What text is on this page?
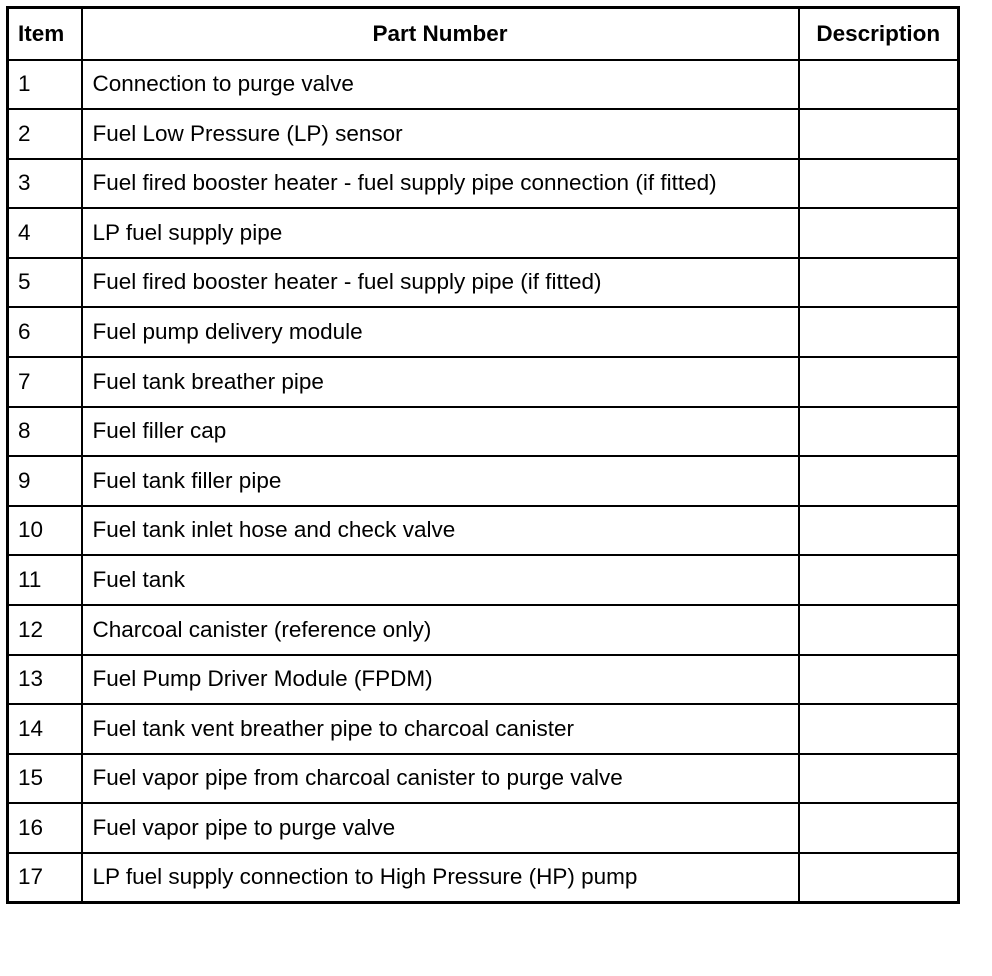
Item	Part Number	Description
1	Connection to purge valve	
2	Fuel Low Pressure (LP) sensor	
3	Fuel fired booster heater - fuel supply pipe connection (if fitted)	
4	LP fuel supply pipe	
5	Fuel fired booster heater - fuel supply pipe (if fitted)	
6	Fuel pump delivery module	
7	Fuel tank breather pipe	
8	Fuel filler cap	
9	Fuel tank filler pipe	
10	Fuel tank inlet hose and check valve	
11	Fuel tank	
12	Charcoal canister (reference only)	
13	Fuel Pump Driver Module (FPDM)	
14	Fuel tank vent breather pipe to charcoal canister	
15	Fuel vapor pipe from charcoal canister to purge valve	
16	Fuel vapor pipe to purge valve	
17	LP fuel supply connection to High Pressure (HP) pump	
